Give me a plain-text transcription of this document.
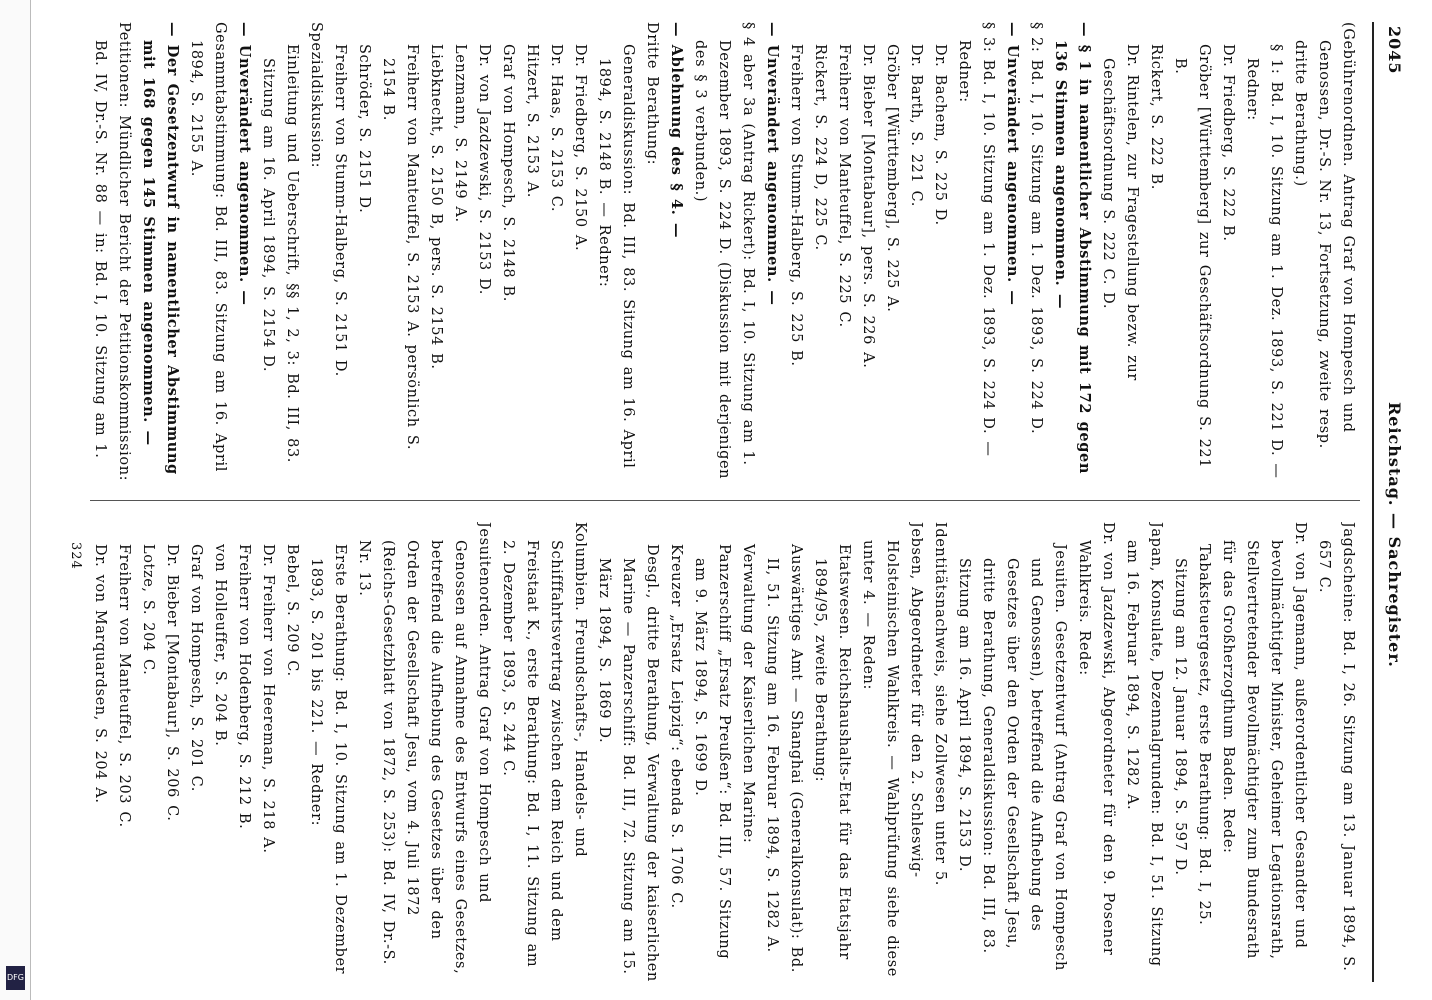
DFG
2045
Reichstag. — Sachregister.

(Gebührenordnen. Antrag Graf von Hompesch und Genossen, Dr.-S. Nr. 13, Fortsetzung, zweite resp. dritte Berathung.)

§ 1: Bd. I, 10. Sitzung am 1. Dez. 1893, S. 221 D. — Redner:

Dr. Friedberg, S. 222 B.

Gröber [Württemberg] zur Geschäftsordnung S. 221 B.

Rickert, S. 222 B.

Dr. Rintelen, zur Fragestellung bezw. zur Geschäftsordnung S. 222 C. D.

— § 1 in namentlicher Abstimmung mit 172 gegen 136 Stimmen angenommen. —

§ 2: Bd. I, 10. Sitzung am 1. Dez. 1893, S. 224 D.

— Unverändert angenommen. —

§ 3: Bd. I, 10. Sitzung am 1. Dez. 1893, S. 224 D. — Redner:

Dr. Bachem, S. 225 D.

Dr. Barth, S. 221 C.

Gröber [Württemberg], S. 225 A.

Dr. Bieber [Montabaur], pers. S. 226 A.

Freiherr von Manteuffel, S. 225 C.

Rickert, S. 224 D, 225 C.

Freiherr von Stumm-Halberg, S. 225 B.

— Unverändert angenommen. —

§ 4 aber 3a (Antrag Rickert): Bd. I, 10. Sitzung am 1. Dezember 1893, S. 224 D. (Diskussion mit derjenigen des § 3 verbunden.)

— Ablehnung des § 4. —

Dritte Berathung:

Generaldiskussion: Bd. III, 83. Sitzung am 16. April 1894, S. 2148 B. — Redner:

Dr. Friedberg, S. 2150 A.

Dr. Haas, S. 2153 C.

Hitzert, S. 2153 A.

Graf von Hompesch, S. 2148 B.

Dr. von Jazdzewski, S. 2153 D.

Lenzmann, S. 2149 A.

Liebknecht, S. 2150 B, pers. S. 2154 B.

Freiherr von Manteuffel, S. 2153 A. persönlich S. 2154 B.

Schröder, S. 2151 D.

Freiherr von Stumm-Halberg, S. 2151 D.

Spezialdiskussion:

Einleitung und Ueberschrift, §§ 1, 2, 3: Bd. III, 83. Sitzung am 16. April 1894, S. 2154 D.

— Unverändert angenommen. —

Gesammtabstimmung: Bd. III, 83. Sitzung am 16. April 1894, S. 2155 A.

— Der Gesetzentwurf in namentlicher Abstimmung mit 168 gegen 145 Stimmen angenommen. —

Petitionen: Mündlicher Bericht der Petitionskommission: Bd. IV, Dr.-S. Nr. 88 — in: Bd. I, 10. Sitzung am 1.

Jagdscheine: Bd. I, 26. Sitzung am 13. Januar 1894, S. 657 C.

Dr. von Jagemann, außerordentlicher Gesandter und bevollmächtigter Minister, Geheimer Legationsrath, Stellvertretender Bevollmächtigter zum Bundesrath für das Großherzogthum Baden. Rede:

Tabaksteuergesetz, erste Berathung: Bd. I, 25. Sitzung am 12. Januar 1894, S. 597 D.

Japan, Konsulate, Dezennalgrunden: Bd. I, 51. Sitzung am 16. Februar 1894, S. 1282 A.

Dr. von Jazdzewski, Abgeordneter für den 9. Posener Wahlkreis. Rede:

Jesuiten. Gesetzentwurf (Antrag Graf von Hompesch und Genossen), betreffend die Aufhebung des Gesetzes über den Orden der Gesellschaft Jesu, dritte Berathung, Generaldiskussion: Bd. III, 83. Sitzung am 16. April 1894, S. 2153 D.

Identitätsnachweis, siehe Zollwesen unter 5.

Jebsen, Abgeordneter für den 2. Schleswig-Holsteinischen Wahlkreis. — Wahlprüfung siehe diese unter 4. — Reden:

Etatswesen. Reichshaushalts-Etat für das Etatsjahr 1894/95, zweite Berathung:

Auswärtiges Amt — Shanghai (Generalkonsulat): Bd. II, 51. Sitzung am 16. Februar 1894, S. 1282 A.

Verwaltung der Kaiserlichen Marine:

Panzerschiff „Ersatz Preußen“: Bd. III, 57. Sitzung am 9. März 1894, S. 1699 D.

Kreuzer „Ersatz Leipzig“: ebenda S. 1706 C.

Desgl., dritte Berathung, Verwaltung der kaiserlichen Marine — Panzerschiff: Bd. III, 72. Sitzung am 15. März 1894, S. 1869 D.

Kolumbien. Freundschafts-, Handels- und Schifffahrtsvertrag zwischen dem Reich und dem Freistaat K., erste Berathung: Bd. I, 11. Sitzung am 2. Dezember 1893, S. 244 C.

Jesuitenorden. Antrag Graf von Hompesch und Genossen auf Annahme des Entwurfs eines Gesetzes, betreffend die Aufhebung des Gesetzes über den Orden der Gesellschaft Jesu, vom 4. Juli 1872 (Reichs-Gesetzblatt von 1872, S. 253): Bd. IV, Dr.-S. Nr. 13.

Erste Berathung: Bd. I, 10. Sitzung am 1. Dezember 1893, S. 201 bis 221. — Redner:

Bebel, S. 209 C.

Dr. Freiherr von Heereman, S. 218 A.

Freiherr von Hodenberg, S. 212 B.

von Holleuffer, S. 204 B.

Graf von Hompesch, S. 201 C.

Dr. Bieber [Montabaur], S. 206 C.

Lotze, S. 204 C.

Freiherr von Manteuffel, S. 203 C.

Dr. von Marquardsen, S. 204 A.

324
